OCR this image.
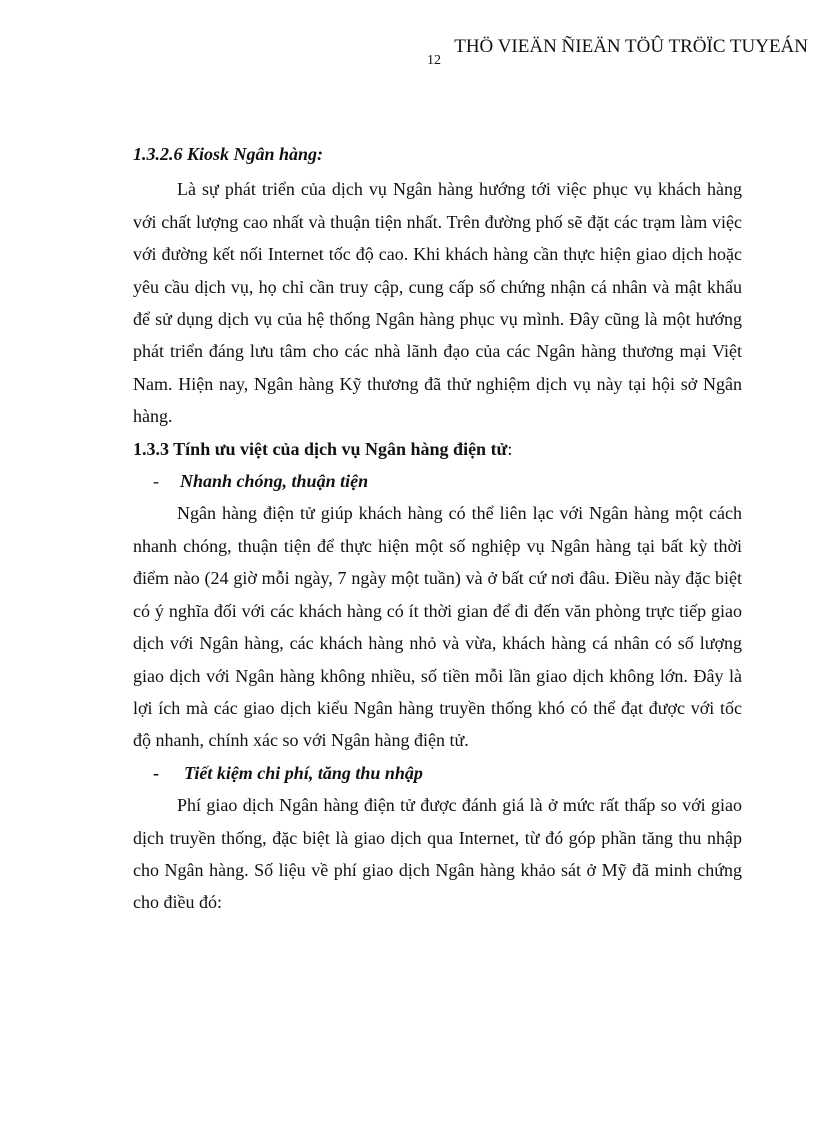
THÖ VIEÄN ÑIEÄN TÖÛ TRÖÏC TUYEÁN
12

1.3.2.6 Kiosk Ngân hàng:

Là sự phát triển của dịch vụ Ngân hàng hướng tới việc phục vụ khách hàng với chất lượng cao nhất và thuận tiện nhất. Trên đường phố sẽ đặt các trạm làm việc với đường kết nối Internet tốc độ cao. Khi khách hàng cần thực hiện giao dịch hoặc yêu cầu dịch vụ, họ chỉ cần truy cập, cung cấp số chứng nhận cá nhân và mật khẩu để sử dụng dịch vụ của hệ thống Ngân hàng phục vụ mình. Đây cũng là một hướng phát triển đáng lưu tâm cho các nhà lãnh đạo của các Ngân hàng thương mại Việt Nam. Hiện nay, Ngân hàng Kỹ thương đã thử nghiệm dịch vụ này tại hội sở Ngân hàng.

1.3.3 Tính ưu việt của dịch vụ Ngân hàng điện tử:

-	Nhanh chóng, thuận tiện

Ngân hàng điện tử giúp khách hàng có thể liên lạc với Ngân hàng một cách nhanh chóng, thuận tiện để thực hiện một số nghiệp vụ Ngân hàng tại bất kỳ thời điểm nào (24 giờ mỗi ngày, 7 ngày một tuần) và ở bất cứ nơi đâu. Điều này đặc biệt có ý nghĩa đối với các khách hàng có ít thời gian để đi đến văn phòng trực tiếp giao dịch với Ngân hàng, các khách hàng nhỏ và vừa, khách hàng cá nhân có số lượng giao dịch với Ngân hàng không nhiều, số tiền mỗi lần giao dịch không lớn. Đây là lợi ích mà các giao dịch kiểu Ngân hàng truyền thống khó có thể đạt được với tốc độ nhanh, chính xác so với Ngân hàng điện tử.

-	Tiết kiệm chi phí, tăng thu nhập

Phí giao dịch Ngân hàng điện tử được đánh giá là ở mức rất thấp so với giao dịch truyền thống, đặc biệt là giao dịch qua Internet, từ đó góp phần tăng thu nhập cho Ngân hàng. Số liệu về phí giao dịch Ngân hàng khảo sát ở Mỹ đã minh chứng cho điều đó:
